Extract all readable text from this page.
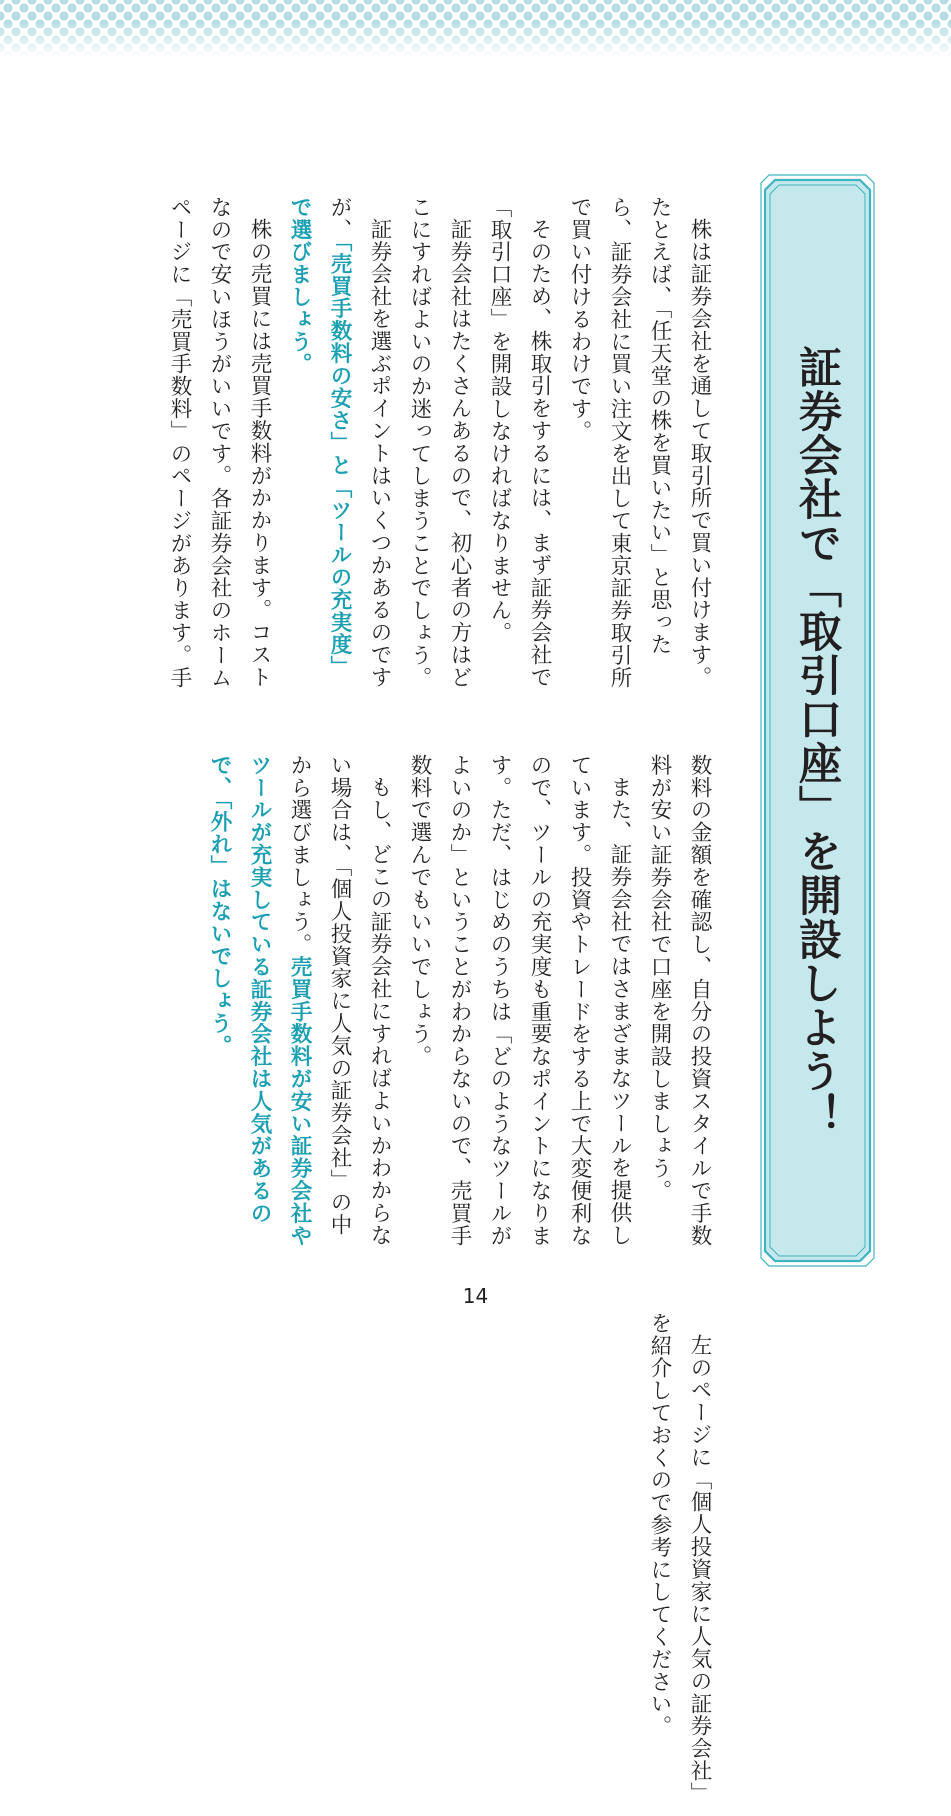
証券会社で「取引口座」を開設しよう！

株は証券会社を通して取引所で買い付けます。たとえば、「任天堂の株を買いたい」と思ったら、証券会社に買い注文を出して東京証券取引所で買い付けるわけです。

そのため、株取引をするには、まず証券会社で「取引口座」を開設しなければなりません。

証券会社はたくさんあるので、初心者の方はどこにすればよいのか迷ってしまうことでしょう。

証券会社を選ぶポイントはいくつかあるのですが、「売買手数料の安さ」と「ツールの充実度」で選びましょう。

株の売買には売買手数料がかかります。コストなので安いほうがいいです。各証券会社のホームページに「売買手数料」のページがあります。手数料の金額を確認し、自分の投資スタイルで手数料が安い証券会社で口座を開設しましょう。

また、証券会社ではさまざまなツールを提供しています。投資やトレードをする上で大変便利なので、ツールの充実度も重要なポイントになります。ただ、はじめのうちは「どのようなツールがよいのか」ということがわからないので、売買手数料で選んでもいいでしょう。

もし、どこの証券会社にすればよいかわからない場合は、「個人投資家に人気の証券会社」の中から選びましょう。売買手数料が安い証券会社やツールが充実している証券会社は人気があるので、「外れ」はないでしょう。

左のページに「個人投資家に人気の証券会社」を紹介しておくので参考にしてください。

14
